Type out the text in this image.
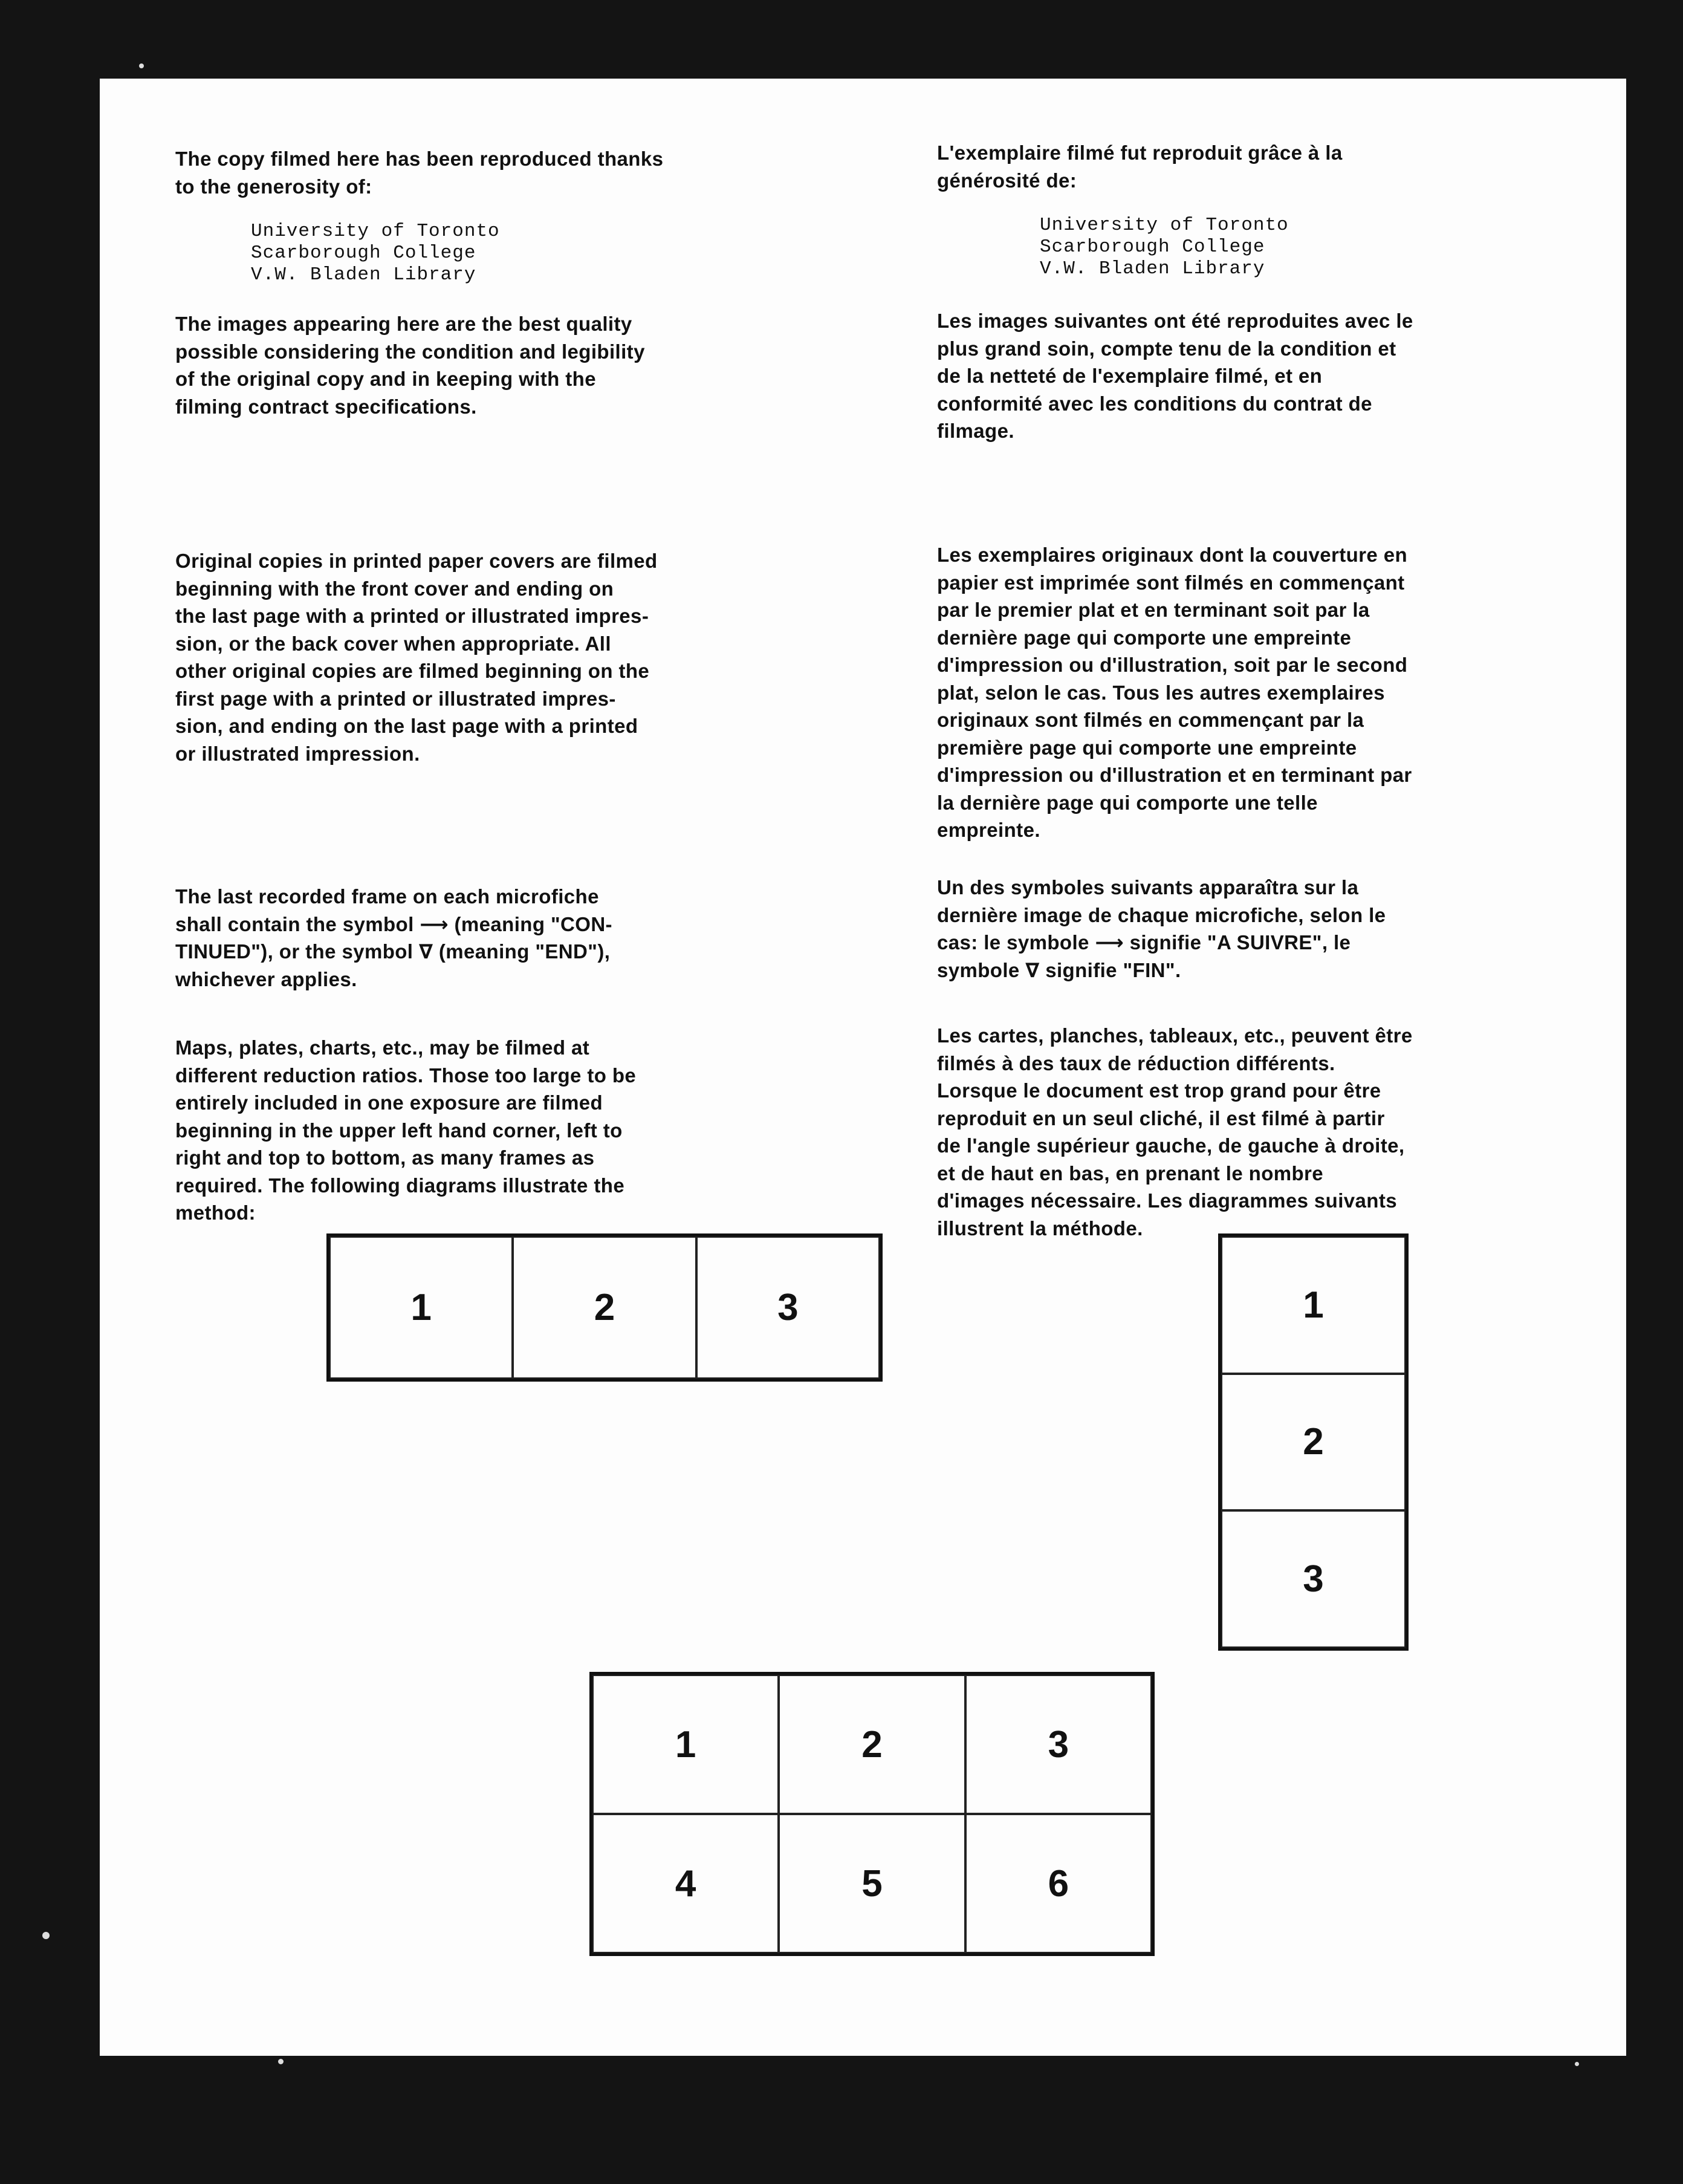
The copy filmed here has been reproduced thanks
to the generosity of:

University of Toronto
Scarborough College
V.W. Bladen Library

The images appearing here are the best quality
possible considering the condition and legibility
of the original copy and in keeping with the
filming contract specifications.

Original copies in printed paper covers are filmed
beginning with the front cover and ending on
the last page with a printed or illustrated impres-
sion, or the back cover when appropriate. All
other original copies are filmed beginning on the
first page with a printed or illustrated impres-
sion, and ending on the last page with a printed
or illustrated impression.

The last recorded frame on each microfiche
shall contain the symbol ⟶ (meaning "CON-
TINUED"), or the symbol ∇ (meaning "END"),
whichever applies.

Maps, plates, charts, etc., may be filmed at
different reduction ratios. Those too large to be
entirely included in one exposure are filmed
beginning in the upper left hand corner, left to
right and top to bottom, as many frames as
required. The following diagrams illustrate the
method:

L'exemplaire filmé fut reproduit grâce à la
générosité de:

University of Toronto
Scarborough College
V.W. Bladen Library

Les images suivantes ont été reproduites avec le
plus grand soin, compte tenu de la condition et
de la netteté de l'exemplaire filmé, et en
conformité avec les conditions du contrat de
filmage.

Les exemplaires originaux dont la couverture en
papier est imprimée sont filmés en commençant
par le premier plat et en terminant soit par la
dernière page qui comporte une empreinte
d'impression ou d'illustration, soit par le second
plat, selon le cas. Tous les autres exemplaires
originaux sont filmés en commençant par la
première page qui comporte une empreinte
d'impression ou d'illustration et en terminant par
la dernière page qui comporte une telle
empreinte.

Un des symboles suivants apparaîtra sur la
dernière image de chaque microfiche, selon le
cas: le symbole ⟶ signifie "A SUIVRE", le
symbole ∇ signifie "FIN".

Les cartes, planches, tableaux, etc., peuvent être
filmés à des taux de réduction différents.
Lorsque le document est trop grand pour être
reproduit en un seul cliché, il est filmé à partir
de l'angle supérieur gauche, de gauche à droite,
et de haut en bas, en prenant le nombre
d'images nécessaire. Les diagrammes suivants
illustrent la méthode.

1	2	3	1
2
3
1	2	3
4	5	6
